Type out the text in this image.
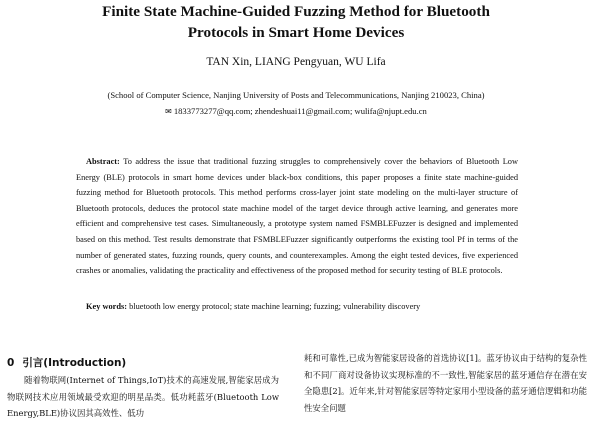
Finite State Machine-Guided Fuzzing Method for Bluetooth
Protocols in Smart Home Devices
TAN Xin, LIANG Pengyuan, WU Lifa
(School of Computer Science, Nanjing University of Posts and Telecommunications, Nanjing 210023, China)
✉ 1833773277@qq.com; zhendeshuai11@gmail.com; wulifa@njupt.edu.cn
Abstract: To address the issue that traditional fuzzing struggles to comprehensively cover the behaviors of Bluetooth Low Energy (BLE) protocols in smart home devices under black-box conditions, this paper proposes a finite state machine-guided fuzzing method for Bluetooth protocols. This method performs cross-layer joint state modeling on the multi-layer structure of Bluetooth protocols, deduces the protocol state machine model of the target device through active learning, and generates more efficient and comprehensive test cases. Simultaneously, a prototype system named FSMBLEFuzzer is designed and implemented based on this method. Test results demonstrate that FSMBLEFuzzer significantly outperforms the existing tool Pf in terms of the number of generated states, fuzzing rounds, query counts, and counterexamples. Among the eight tested devices, five experienced crashes or anomalies, validating the practicality and effectiveness of the proposed method for security testing of BLE protocols.
Key words: bluetooth low energy protocol; state machine learning; fuzzing; vulnerability discovery
0 引言(Introduction)

随着物联网(Internet of Things,IoT)技术的高速发展,智能家居成为物联网技术应用领域最受欢迎的明星品类。低功耗蓝牙(Bluetooth Low Energy,BLE)协议因其高效性、低功

耗和可靠性,已成为智能家居设备的首选协议[1]。蓝牙协议由于结构的复杂性和不同厂商对设备协议实现标准的不一致性,智能家居的蓝牙通信存在潜在安全隐患[2]。近年来,针对智能家居等特定家用小型设备的蓝牙通信逻辑和功能性安全问题
